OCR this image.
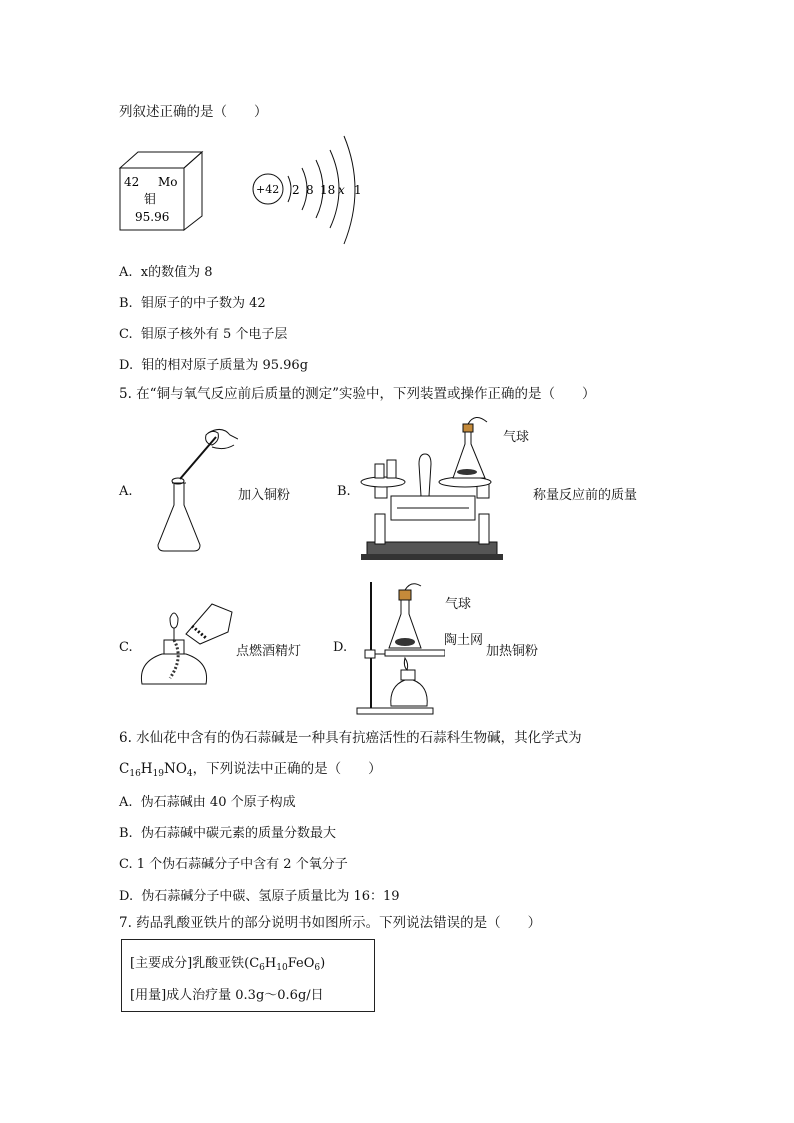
列叙述正确的是（　　）
42 Mo
钼
95.96
+42 2 8 18 x 1
A. x的数值为 8
B. 钼原子的中子数为 42
C. 钼原子核外有 5 个电子层
D. 钼的相对原子质量为 95.96g
5. 在“铜与氧气反应前后质量的测定”实验中，下列装置或操作正确的是（　　）
A.	加入铜粉	B.
气球
称量反应前的质量
C.	点燃酒精灯 D.
气球
陶土网
加热铜粉
6. 水仙花中含有的伪石蒜碱是一种具有抗癌活性的石蒜科生物碱，其化学式为
$C_{16}H_{19}NO_4$，下列说法中正确的是（　　）
A. 伪石蒜碱由 40 个原子构成
B. 伪石蒜碱中碳元素的质量分数最大
C. 1 个伪石蒜碱分子中含有 2 个氧分子
D. 伪石蒜碱分子中碳、氢原子质量比为 16：19
7. 药品乳酸亚铁片的部分说明书如图所示。下列说法错误的是（　　）
[主要成分]乳酸亚铁$(C_6H_{10}FeO_6)$
[用量]成人治疗量 0.3g～0.6g/日
